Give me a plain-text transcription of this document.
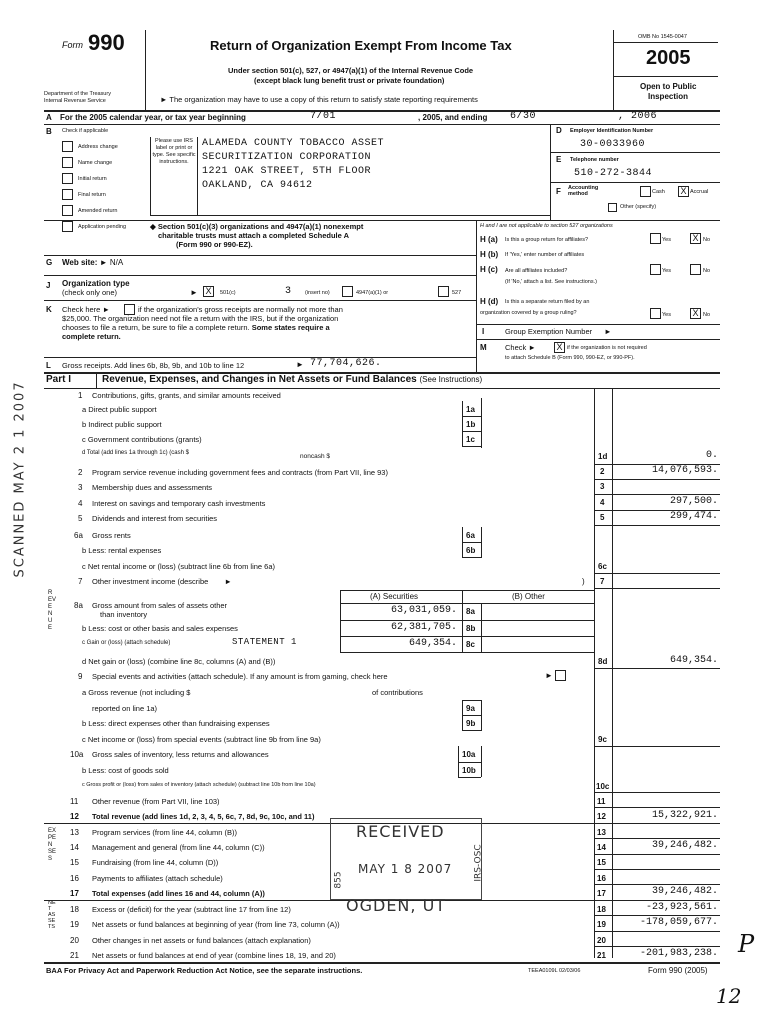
Form 990
Department of the Treasury
Internal Revenue Service
Return of Organization Exempt From Income Tax
Under section 501(c), 527, or 4947(a)(1) of the Internal Revenue Code
(except black lung benefit trust or private foundation)
► The organization may have to use a copy of this return to satisfy state reporting requirements
OMB No 1545-0047
2005
Open to Public
Inspection
A For the 2005 calendar year, or tax year beginning	7/01	, 2005, and ending 6/30	, 2006
B Check if applicable
Address change
Name change
Initial return
Final return
Amended return
Application pending
Please use IRS label or print or type. See specific instructions.
ALAMEDA COUNTY TOBACCO ASSET
SECURITIZATION CORPORATION
1221 OAK STREET, 5TH FLOOR
OAKLAND, CA 94612
D Employer Identification Number
30-0033960
E Telephone number
510-272-3844
F Accounting method	Cash X Accrual
Other (specify)
◆ Section 501(c)(3) organizations and 4947(a)(1) nonexempt
charitable trusts must attach a completed Schedule A
(Form 990 or 990-EZ).
H and I are not applicable to section 527 organizations
H (a) Is this a group return for affiliates?	Yes X No
H (b) If 'Yes,' enter number of affiliates
H (c) Are all affiliates included?	Yes	No
(If 'No,' attach a list. See instructions.)
H (d) Is this a separate return filed by an
organization covered by a group ruling?	Yes X No
I	Group Exemption Number ►
M Check ► X if the organization is not required
to attach Schedule B (Form 990, 990-EZ, or 990-PF).
G Web site: ► N/A
J Organization type
(check only one)	► X	501(c)	3 (insert no)	4947(a)(1) or	527
K Check here ►	if the organization's gross receipts are normally not more than
$25,000. The organization need not file a return with the IRS, but if the organization
chooses to file a return, be sure to file a complete return. Some states require a
complete return.
L Gross receipts. Add lines 6b, 8b, 9b, and 10b to line 12	► 77,704,626.
Part I	Revenue, Expenses, and Changes in Net Assets or Fund Balances (See Instructions)
REVENUE
EXPENSES
NET ASSETS
1 Contributions, gifts, grants, and similar amounts received
a Direct public support	1a
b Indirect public support	1b
c Government contributions (grants)	1c
d Total (add lines 1a through 1c) (cash $	noncash $	1d	0.
2 Program service revenue including government fees and contracts (from Part VII, line 93)	2	14,076,593.
3 Membership dues and assessments	3
4 Interest on savings and temporary cash investments	4	297,500.
5 Dividends and interest from securities	5	299,474.
6a Gross rents	6a
b Less: rental expenses	6b
c Net rental income or (loss) (subtract line 6b from line 6a)	6c
7 Other investment income (describe ►	) 7
(A) Securities	(B) Other
8a Gross amount from sales of assets other
than inventory	63,031,059. 8a
b Less: cost or other basis and sales expenses	62,381,705. 8b
c Gain or (loss) (attach schedule)	STATEMENT 1	649,354. 8c
d Net gain or (loss) (combine line 8c, columns (A) and (B))	8d	649,354.
9 Special events and activities (attach schedule). If any amount is from gaming, check here	►
a Gross revenue (not including $	of contributions
reported on line 1a)	9a
b Less: direct expenses other than fundraising expenses	9b
c Net income or (loss) from special events (subtract line 9b from line 9a)	9c
10a Gross sales of inventory, less returns and allowances	10a
b Less: cost of goods sold	10b
c Gross profit or (loss) from sales of inventory (attach schedule) (subtract line 10b from line 10a)	10c
11 Other revenue (from Part VII, line 103)	11
12 Total revenue (add lines 1d, 2, 3, 4, 5, 6c, 7, 8d, 9c, 10c, and 11)	12	15,322,921.
13 Program services (from line 44, column (B))	13
14 Management and general (from line 44, column (C))	14	39,246,482.
15 Fundraising (from line 44, column (D))	15
16 Payments to affiliates (attach schedule)	16
17 Total expenses (add lines 16 and 44, column (A))	17	39,246,482.
18 Excess or (deficit) for the year (subtract line 17 from line 12)	18	-23,923,561.
19 Net assets or fund balances at beginning of year (from line 73, column (A))	19	-178,059,677.
20 Other changes in net assets or fund balances (attach explanation)	20
21 Net assets or fund balances at end of year (combine lines 18, 19, and 20)	21	-201,983,238.
BAA For Privacy Act and Paperwork Reduction Act Notice, see the separate instructions.	TEEA0109L 02/03/06	Form 990 (2005)
RECEIVED
MAY 1 8 2007
855	IRS-OSC
OGDEN, UT
SCANNED MAY 2 1 2007
P
12
